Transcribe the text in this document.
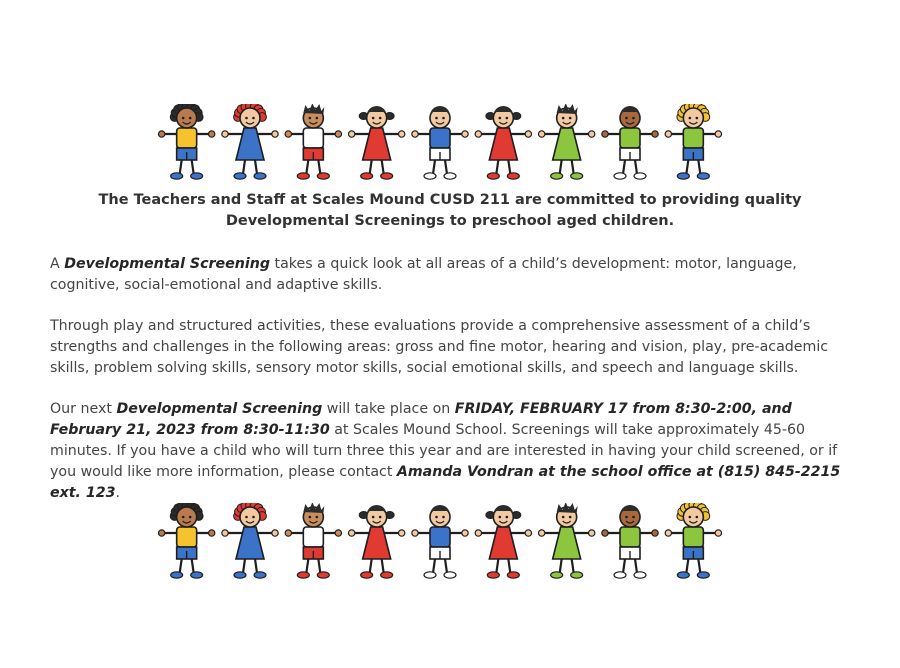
The Teachers and Staff at Scales Mound CUSD 211 are committed to providing quality Developmental Screenings to preschool aged children.
A Developmental Screening takes a quick look at all areas of a child’s development: motor, language, cognitive, social-emotional and adaptive skills.
Through play and structured activities, these evaluations provide a comprehensive assessment of a child’s strengths and challenges in the following areas: gross and fine motor, hearing and vision, play, pre-academic skills, problem solving skills, sensory motor skills, social emotional skills, and speech and language skills.
Our next Developmental Screening will take place on FRIDAY, FEBRUARY 17 from 8:30-2:00, and February 21, 2023 from 8:30-11:30 at Scales Mound School. Screenings will take approximately 45-60 minutes. If you have a child who will turn three this year and are interested in having your child screened, or if you would like more information, please contact Amanda Vondran at the school office at (815) 845-2215 ext. 123.
